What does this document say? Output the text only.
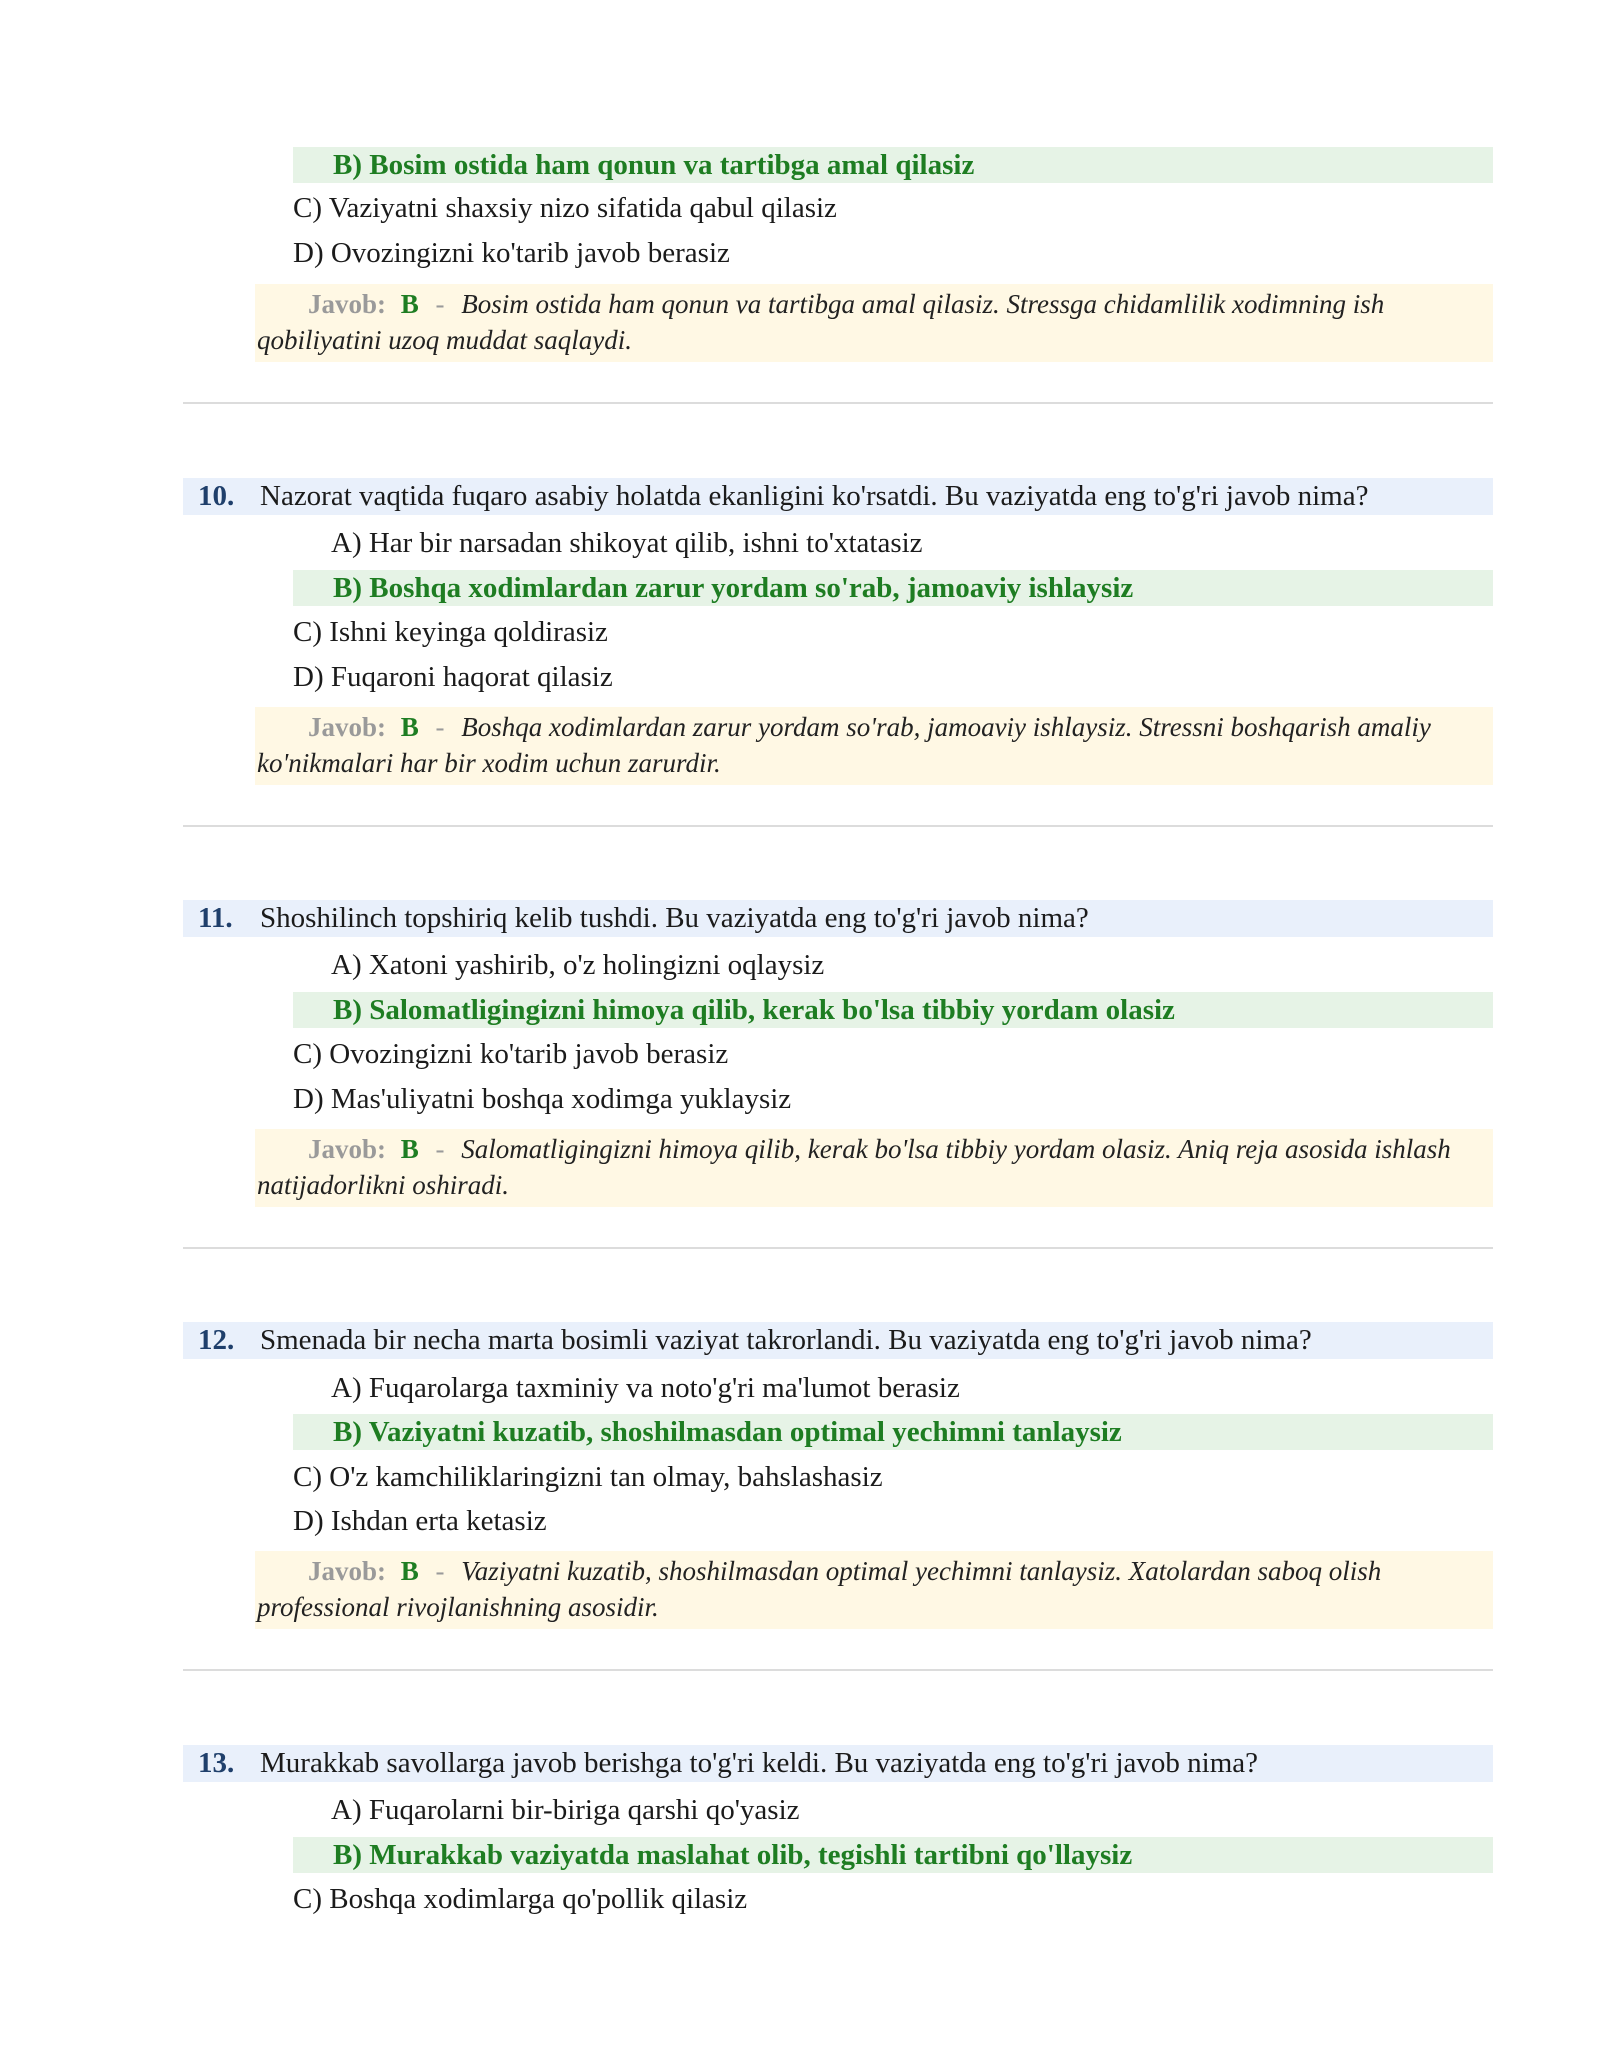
B) Bosim ostida ham qonun va tartibga amal qilasiz
C) Vaziyatni shaxsiy nizo sifatida qabul qilasiz
D) Ovozingizni ko'tarib javob berasiz
Javob: B - Bosim ostida ham qonun va tartibga amal qilasiz. Stressga chidamlilik xodimning ish qobiliyatini uzoq muddat saqlaydi.
10. Nazorat vaqtida fuqaro asabiy holatda ekanligini ko'rsatdi. Bu vaziyatda eng to'g'ri javob nima?
A) Har bir narsadan shikoyat qilib, ishni to'xtatasiz
B) Boshqa xodimlardan zarur yordam so'rab, jamoaviy ishlaysiz
C) Ishni keyinga qoldirasiz
D) Fuqaroni haqorat qilasiz
Javob: B - Boshqa xodimlardan zarur yordam so'rab, jamoaviy ishlaysiz. Stressni boshqarish amaliy ko'nikmalari har bir xodim uchun zarurdir.
11. Shoshilinch topshiriq kelib tushdi. Bu vaziyatda eng to'g'ri javob nima?
A) Xatoni yashirib, o'z holingizni oqlaysiz
B) Salomatligingizni himoya qilib, kerak bo'lsa tibbiy yordam olasiz
C) Ovozingizni ko'tarib javob berasiz
D) Mas'uliyatni boshqa xodimga yuklaysiz
Javob: B - Salomatligingizni himoya qilib, kerak bo'lsa tibbiy yordam olasiz. Aniq reja asosida ishlash natijadorlikni oshiradi.
12. Smenada bir necha marta bosimli vaziyat takrorlandi. Bu vaziyatda eng to'g'ri javob nima?
A) Fuqarolarga taxminiy va noto'g'ri ma'lumot berasiz
B) Vaziyatni kuzatib, shoshilmasdan optimal yechimni tanlaysiz
C) O'z kamchiliklaringizni tan olmay, bahslashasiz
D) Ishdan erta ketasiz
Javob: B - Vaziyatni kuzatib, shoshilmasdan optimal yechimni tanlaysiz. Xatolardan saboq olish professional rivojlanishning asosidir.
13. Murakkab savollarga javob berishga to'g'ri keldi. Bu vaziyatda eng to'g'ri javob nima?
A) Fuqarolarni bir-biriga qarshi qo'yasiz
B) Murakkab vaziyatda maslahat olib, tegishli tartibni qo'llaysiz
C) Boshqa xodimlarga qo'pollik qilasiz
